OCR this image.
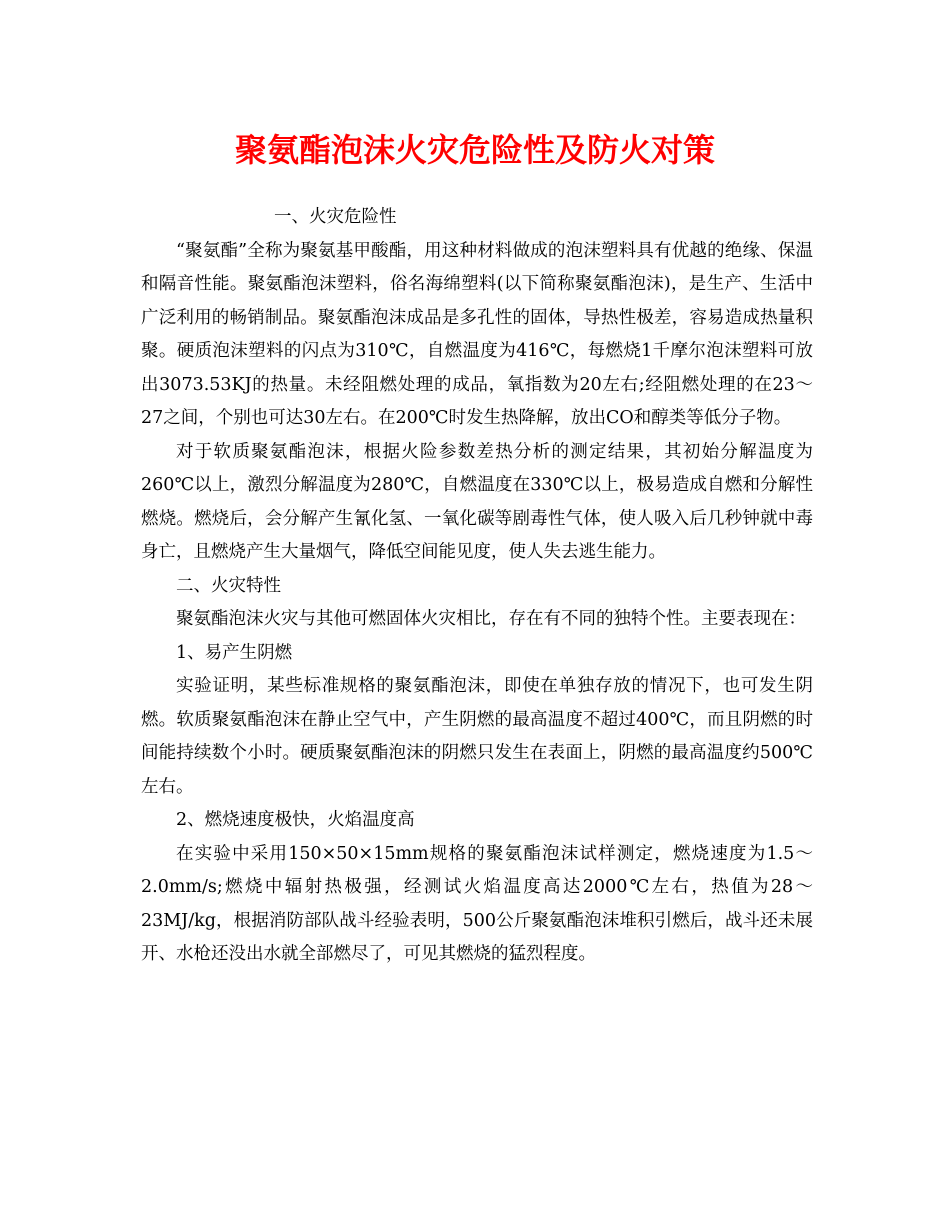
聚氨酯泡沫火灾危险性及防火对策

一、火灾危险性

“聚氨酯”全称为聚氨基甲酸酯，用这种材料做成的泡沫塑料具有优越的绝缘、保温和隔音性能。聚氨酯泡沫塑料，俗名海绵塑料(以下简称聚氨酯泡沫)，是生产、生活中广泛利用的畅销制品。聚氨酯泡沫成品是多孔性的固体，导热性极差，容易造成热量积聚。硬质泡沫塑料的闪点为310℃，自燃温度为416℃，每燃烧1千摩尔泡沫塑料可放出3073.53KJ的热量。未经阻燃处理的成品，氧指数为20左右;经阻燃处理的在23～27之间，个别也可达30左右。在200℃时发生热降解，放出CO和醇类等低分子物。

对于软质聚氨酯泡沫，根据火险参数差热分析的测定结果，其初始分解温度为260℃以上，激烈分解温度为280℃，自燃温度在330℃以上，极易造成自燃和分解性燃烧。燃烧后，会分解产生氰化氢、一氧化碳等剧毒性气体，使人吸入后几秒钟就中毒身亡，且燃烧产生大量烟气，降低空间能见度，使人失去逃生能力。

二、火灾特性

聚氨酯泡沫火灾与其他可燃固体火灾相比，存在有不同的独特个性。主要表现在：

1、易产生阴燃

实验证明，某些标准规格的聚氨酯泡沫，即使在单独存放的情况下，也可发生阴燃。软质聚氨酯泡沫在静止空气中，产生阴燃的最高温度不超过400℃，而且阴燃的时间能持续数个小时。硬质聚氨酯泡沫的阴燃只发生在表面上，阴燃的最高温度约500℃左右。

2、燃烧速度极快，火焰温度高

在实验中采用150×50×15mm规格的聚氨酯泡沫试样测定，燃烧速度为1.5～2.0mm/s;燃烧中辐射热极强，经测试火焰温度高达2000℃左右，热值为28～23MJ/kg，根据消防部队战斗经验表明，500公斤聚氨酯泡沫堆积引燃后，战斗还未展开、水枪还没出水就全部燃尽了，可见其燃烧的猛烈程度。
